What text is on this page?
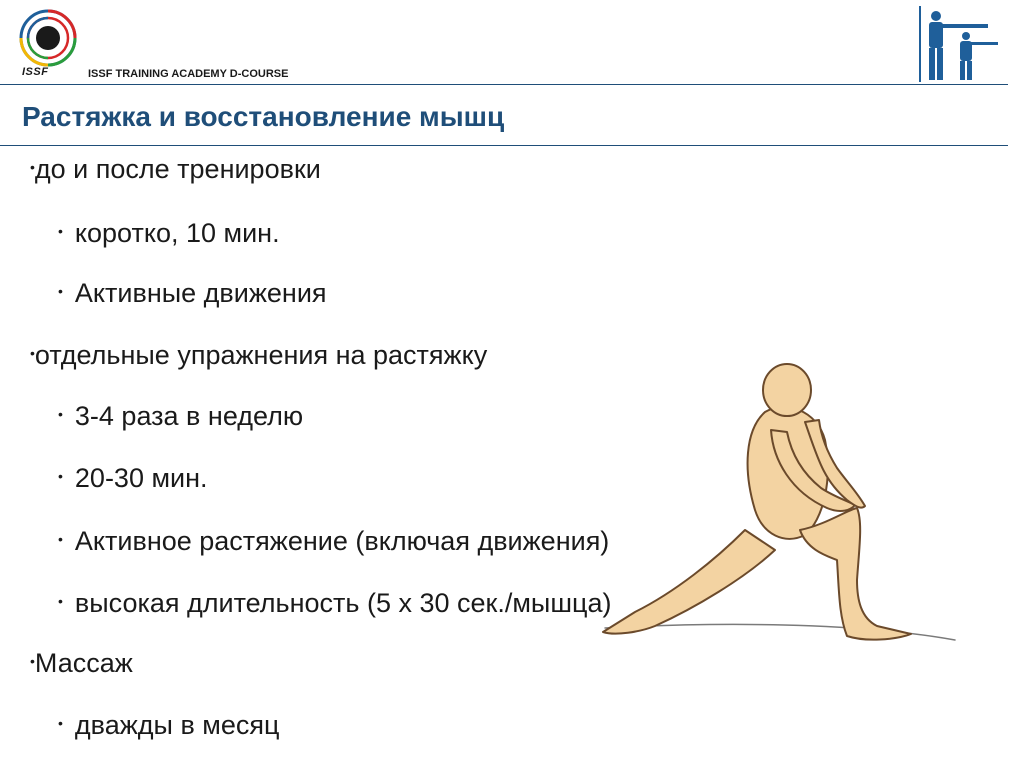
ISSF	ISSF TRAINING ACADEMY D-COURSE
Растяжка и восстановление мышц
•до и после тренировки
• коротко, 10 мин.
• Активные движения
•отдельные упражнения на растяжку
• 3-4 раза в неделю
• 20-30 мин.
• Активное растяжение (включая движения)
• высокая длительность (5 х 30 сек./мышца)
•Массаж
• дважды в месяц
